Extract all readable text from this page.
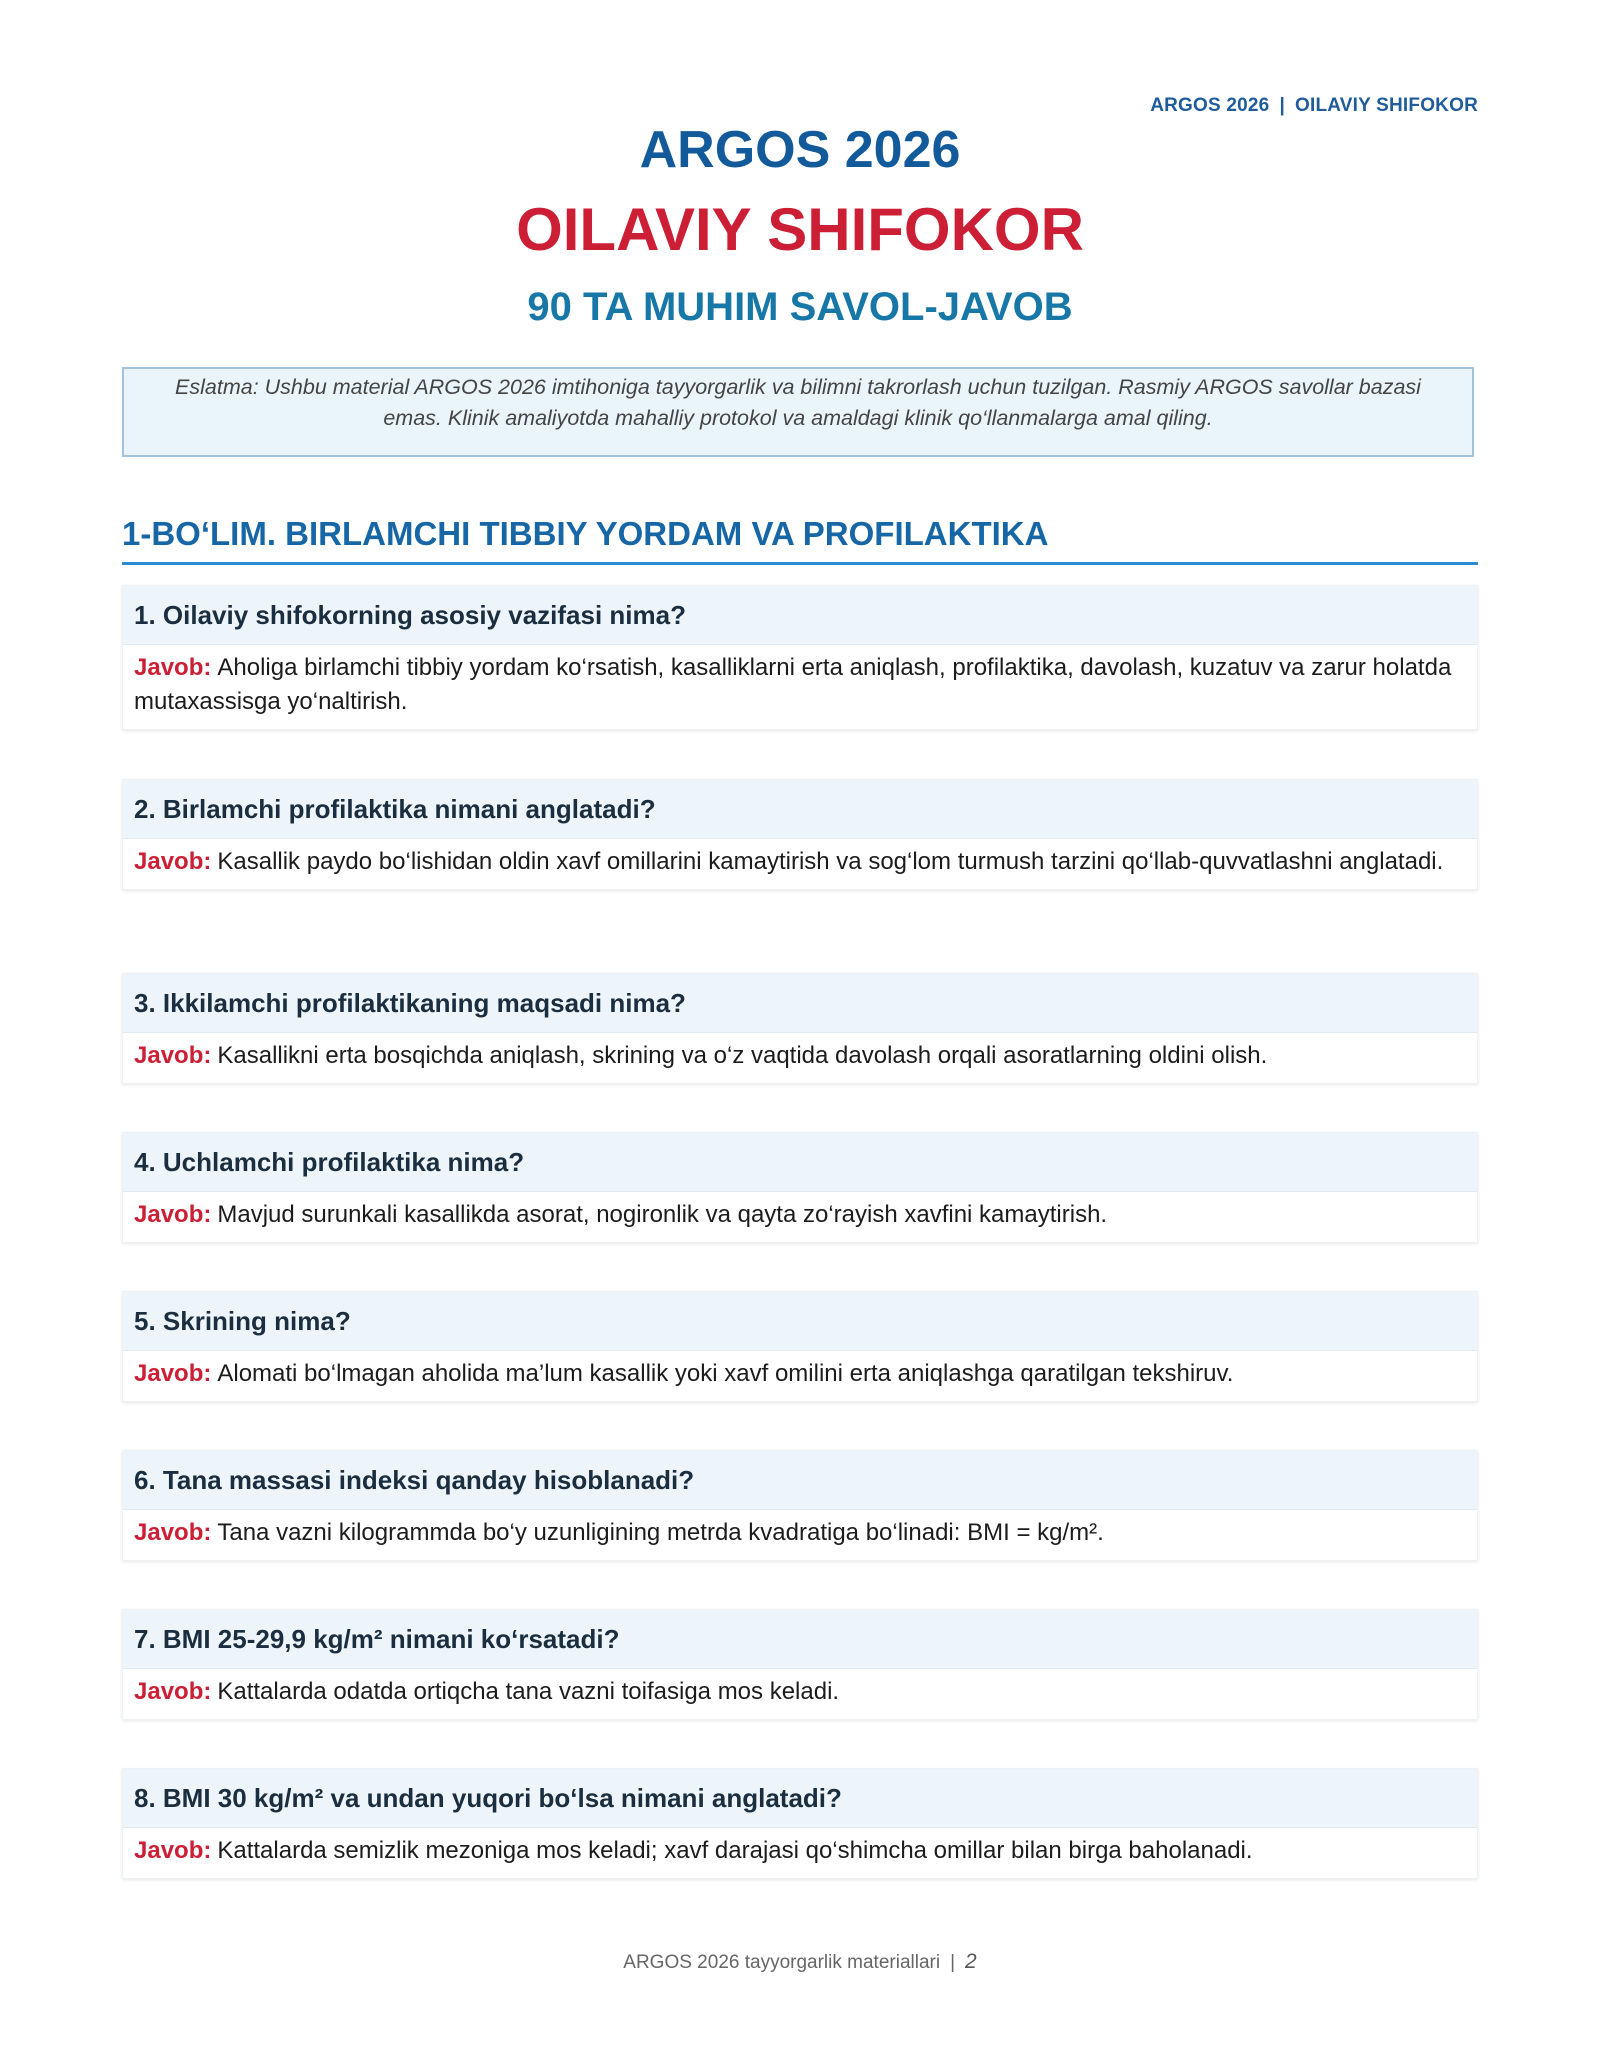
ARGOS 2026 | OILAVIY SHIFOKOR
ARGOS 2026
OILAVIY SHIFOKOR
90 TA MUHIM SAVOL-JAVOB
Eslatma: Ushbu material ARGOS 2026 imtihoniga tayyorgarlik va bilimni takrorlash uchun tuzilgan. Rasmiy ARGOS savollar bazasi emas. Klinik amaliyotda mahalliy protokol va amaldagi klinik qo‘llanmalarga amal qiling.
1-BO‘LIM. BIRLAMCHI TIBBIY YORDAM VA PROFILAKTIKA
1. Oilaviy shifokorning asosiy vazifasi nima?
Javob: Aholiga birlamchi tibbiy yordam ko‘rsatish, kasalliklarni erta aniqlash, profilaktika, davolash, kuzatuv va zarur holatda mutaxassisga yo‘naltirish.
2. Birlamchi profilaktika nimani anglatadi?
Javob: Kasallik paydo bo‘lishidan oldin xavf omillarini kamaytirish va sog‘lom turmush tarzini qo‘llab-quvvatlashni anglatadi.
3. Ikkilamchi profilaktikaning maqsadi nima?
Javob: Kasallikni erta bosqichda aniqlash, skrining va o‘z vaqtida davolash orqali asoratlarning oldini olish.
4. Uchlamchi profilaktika nima?
Javob: Mavjud surunkali kasallikda asorat, nogironlik va qayta zo‘rayish xavfini kamaytirish.
5. Skrining nima?
Javob: Alomati bo‘lmagan aholida ma’lum kasallik yoki xavf omilini erta aniqlashga qaratilgan tekshiruv.
6. Tana massasi indeksi qanday hisoblanadi?
Javob: Tana vazni kilogrammda bo‘y uzunligining metrda kvadratiga bo‘linadi: BMI = kg/m².
7. BMI 25-29,9 kg/m² nimani ko‘rsatadi?
Javob: Kattalarda odatda ortiqcha tana vazni toifasiga mos keladi.
8. BMI 30 kg/m² va undan yuqori bo‘lsa nimani anglatadi?
Javob: Kattalarda semizlik mezoniga mos keladi; xavf darajasi qo‘shimcha omillar bilan birga baholanadi.
ARGOS 2026 tayyorgarlik materiallari | 2
